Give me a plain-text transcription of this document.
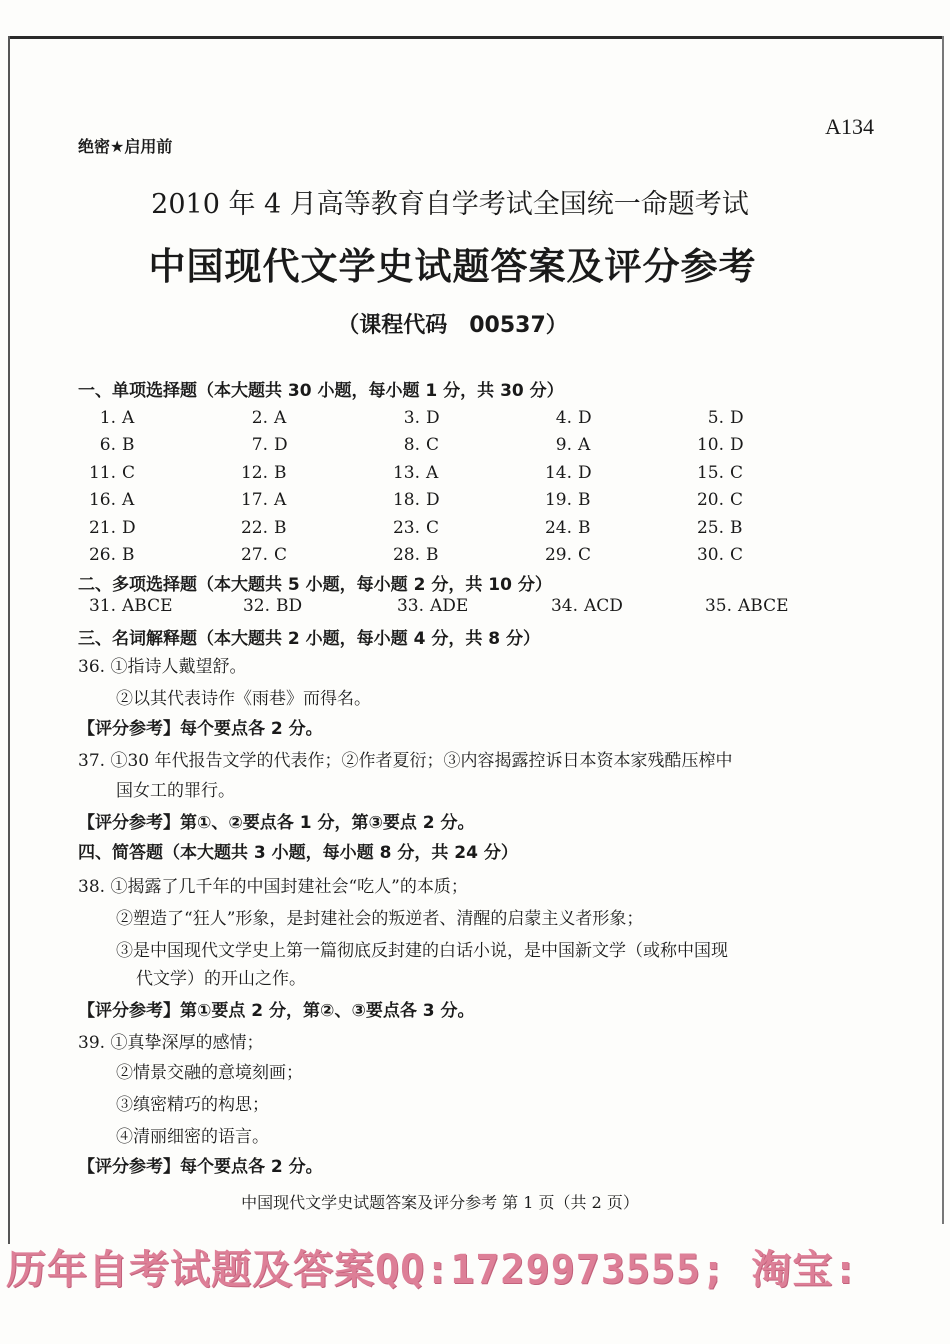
绝密★启用前
A134
2010 年 4 月高等教育自学考试全国统一命题考试
中国现代文学史试题答案及评分参考
（课程代码　00537）
一、单项选择题（本大题共 30 小题，每小题 1 分，共 30 分）
1. A	2. A	3. D	4. D	5. D
6. B	7. D	8. C	9. A	10. D
11. C	12. B	13. A	14. D	15. C
16. A	17. A	18. D	19. B	20. C
21. D	22. B	23. C	24. B	25. B
26. B	27. C	28. B	29. C	30. C
二、多项选择题（本大题共 5 小题，每小题 2 分，共 10 分）
31. ABCE	32. BD	33. ADE	34. ACD	35. ABCE
三、名词解释题（本大题共 2 小题，每小题 4 分，共 8 分）
36. ①指诗人戴望舒。
②以其代表诗作《雨巷》而得名。
【评分参考】每个要点各 2 分。
37. ①30 年代报告文学的代表作；②作者夏衍；③内容揭露控诉日本资本家残酷压榨中
国女工的罪行。
【评分参考】第①、②要点各 1 分，第③要点 2 分。
四、简答题（本大题共 3 小题，每小题 8 分，共 24 分）
38. ①揭露了几千年的中国封建社会“吃人”的本质；
②塑造了“狂人”形象，是封建社会的叛逆者、清醒的启蒙主义者形象；
③是中国现代文学史上第一篇彻底反封建的白话小说，是中国新文学（或称中国现
代文学）的开山之作。
【评分参考】第①要点 2 分，第②、③要点各 3 分。
39. ①真挚深厚的感情；
②情景交融的意境刻画；
③缜密精巧的构思；
④清丽细密的语言。
【评分参考】每个要点各 2 分。
中国现代文学史试题答案及评分参考 第 1 页（共 2 页）
历年自考试题及答案QQ:1729973555; 淘宝:
